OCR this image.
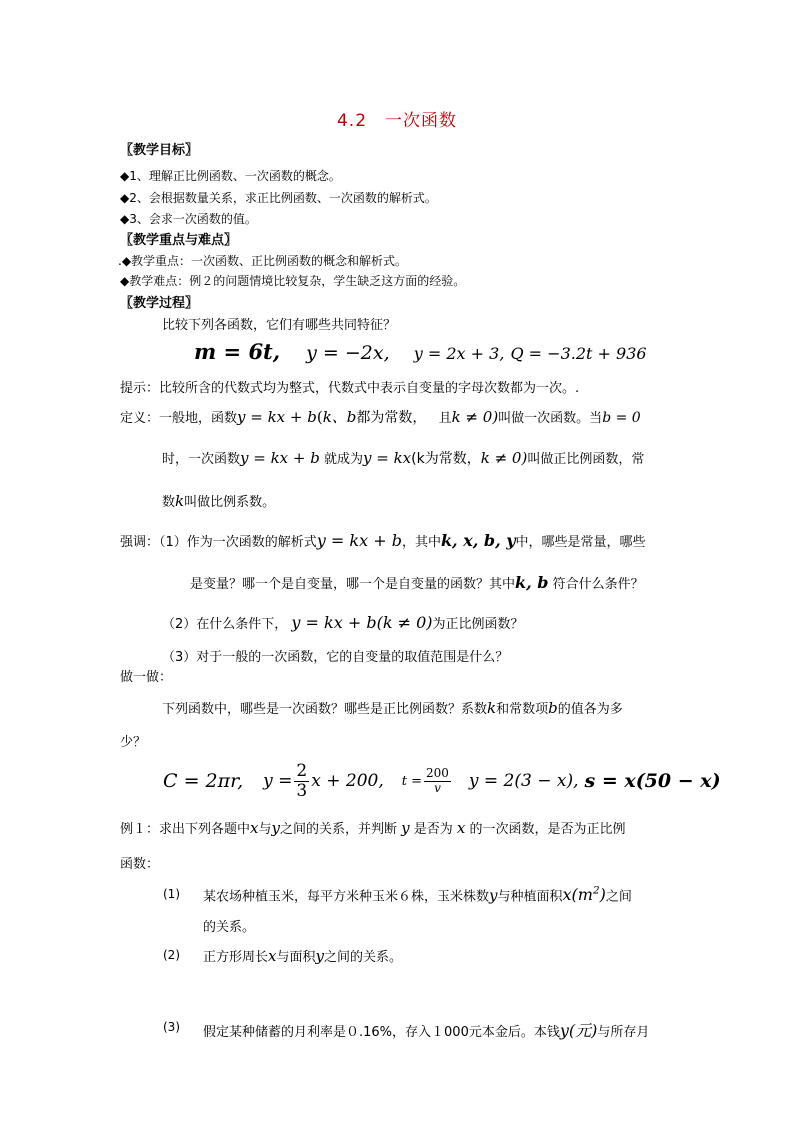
4.2　一次函数
〖教学目标〗
◆1、理解正比例函数、一次函数的概念。
◆2、会根据数量关系，求正比例函数、一次函数的解析式。
◆3、会求一次函数的值。
〖教学重点与难点〗
.◆教学重点：一次函数、正比例函数的概念和解析式。
◆教学难点：例２的问题情境比较复杂，学生缺乏这方面的经验。
〖教学过程〗
比较下列各函数，它们有哪些共同特征？
m = 6t, y = −2x, y = 2x + 3, Q = −3.2t + 936
提示：比较所含的代数式均为整式，代数式中表示自变量的字母次数都为一次。.
定义：一般地，函数y = kx + b(k、b都为常数， 且k ≠ 0)叫做一次函数。当b = 0
时，一次函数y = kx + b 就成为y = kx(k为常数，k ≠ 0)叫做正比例函数，常
数k叫做比例系数。
强调：（1）作为一次函数的解析式y = kx + b，其中k, x, b, y中，哪些是常量，哪些
是变量？哪一个是自变量，哪一个是自变量的函数？其中k, b 符合什么条件？
（2）在什么条件下， y = kx + b(k ≠ 0)为正比例函数？
（3）对于一般的一次函数，它的自变量的取值范围是什么？
做一做：
下列函数中，哪些是一次函数？哪些是正比例函数？系数k和常数项b的值各为多
少？
C = 2πr, $y = \frac{2}{3}$ x + 200, $t = \frac{200}{v}$ y = 2(3 − x), s = x(50 − x)
例１：求出下列各题中x与y之间的关系，并判断 y 是否为 x 的一次函数，是否为正比例
函数：
(1) 某农场种植玉米，每平方米种玉米６株，玉米株数y与种植面积$x(m^2)$之间
的关系。
(2) 正方形周长x与面积y之间的关系。
(3) 假定某种储蓄的月利率是０.16%，存入１000元本金后。本钱y(元)与所存月
